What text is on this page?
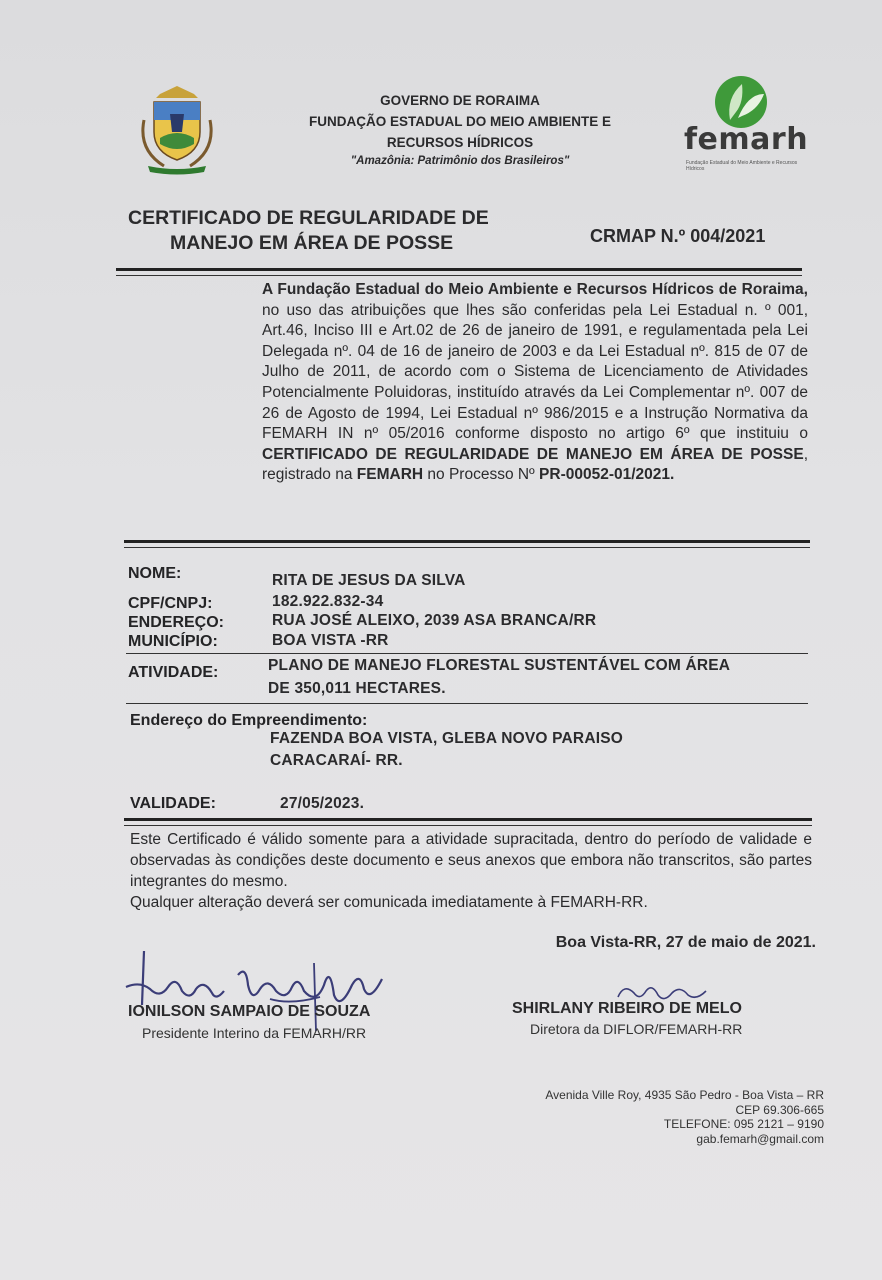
GOVERNO DE RORAIMA
FUNDAÇÃO ESTADUAL DO MEIO AMBIENTE E
RECURSOS HÍDRICOS
"Amazônia: Patrimônio dos Brasileiros"
femarh
Fundação Estadual do Meio Ambiente e Recursos Hídricos
CERTIFICADO DE REGULARIDADE DE
MANEJO EM ÁREA DE POSSE	CRMAP N.º 004/2021
A Fundação Estadual do Meio Ambiente e Recursos Hídricos de Roraima, no uso das atribuições que lhes são conferidas pela Lei Estadual n. º 001, Art.46, Inciso III e Art.02 de 26 de janeiro de 1991, e regulamentada pela Lei Delegada nº. 04 de 16 de janeiro de 2003 e da Lei Estadual nº. 815 de 07 de Julho de 2011, de acordo com o Sistema de Licenciamento de Atividades Potencialmente Poluidoras, instituído através da Lei Complementar nº. 007 de 26 de Agosto de 1994, Lei Estadual nº 986/2015 e a Instrução Normativa da FEMARH IN nº 05/2016 conforme disposto no artigo 6º que instituiu o CERTIFICADO DE REGULARIDADE DE MANEJO EM ÁREA DE POSSE, registrado na FEMARH no Processo Nº PR-00052-01/2021.
NOME:	RITA DE JESUS DA SILVA
CPF/CNPJ:	182.922.832-34
ENDEREÇO:	RUA JOSÉ ALEIXO, 2039 ASA BRANCA/RR
MUNICÍPIO:	BOA VISTA -RR
ATIVIDADE:	PLANO DE MANEJO FLORESTAL SUSTENTÁVEL COM ÁREA
DE 350,011 HECTARES.
Endereço do Empreendimento:
FAZENDA BOA VISTA, GLEBA NOVO PARAISO
CARACARAÍ- RR.
VALIDADE:	27/05/2023.
Este Certificado é válido somente para a atividade supracitada, dentro do período de validade e observadas às condições deste documento e seus anexos que embora não transcritos, são partes integrantes do mesmo.
Qualquer alteração deverá ser comunicada imediatamente à FEMARH-RR.
Boa Vista-RR, 27 de maio de 2021.
IONILSON SAMPAIO DE SOUZA
Presidente Interino da FEMARH/RR
SHIRLANY RIBEIRO DE MELO
Diretora da DIFLOR/FEMARH-RR
Avenida Ville Roy, 4935 São Pedro - Boa Vista – RR
CEP 69.306-665
TELEFONE: 095 2121 – 9190
gab.femarh@gmail.com
